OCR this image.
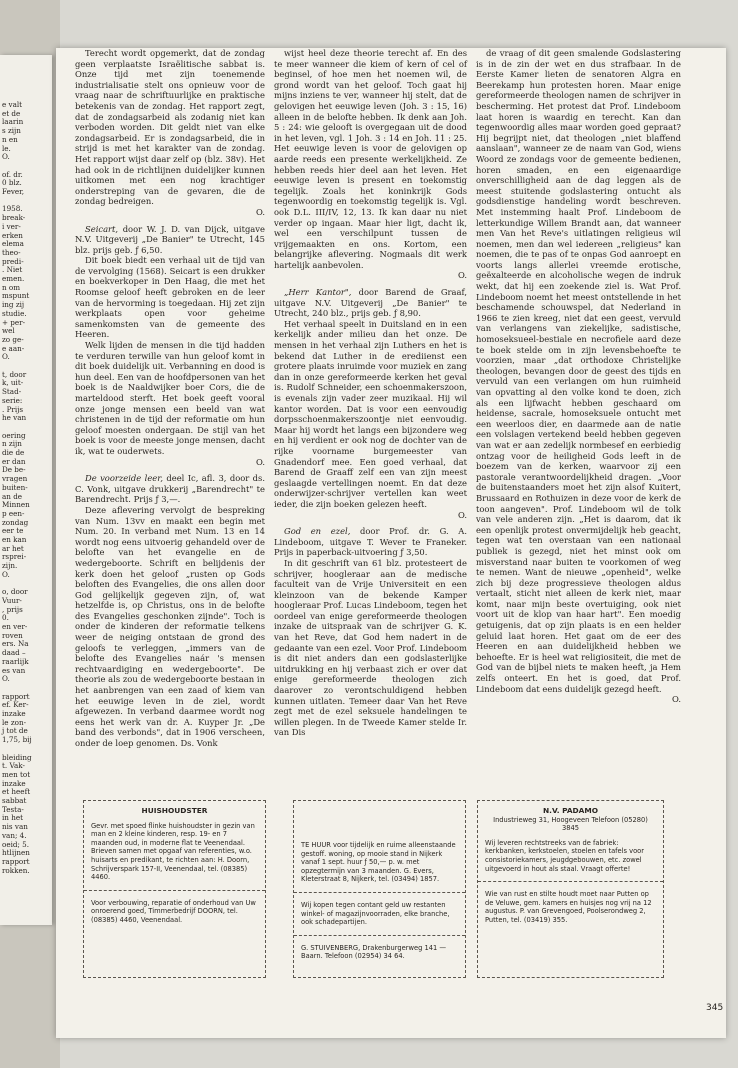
e valt
et de
laarin
s zijn
n en
le.
O.
of. dr.
0 blz.
Fever,
1958.
break-
i ver-
erken
elema
theo-
predi-
. Niet
emen.
n om
mspunt
ing zij
studie.
+ per-
wel
zo ge-
e aan-
O.
t, door
k, uit-
Stad-
serie:
. Prijs
he van
oering
n zijn
die de
er dan
De be-
vragen
buiten-
an de
Minnen
p een-
zondag
eer te
en kan
ar het
rsprei-
zijn.
O.
o, door
Vuur-
, prijs
0.
en ver-
roven
ers. Na
daad –
raarlijk
es van
O.
rapport
ef. Ker-
inzake
le zon-
j tot de
1,75, bij
bleiding
t. Vak-
men tot
inzake
et heeft
sabbat
Testa-
in het
nis van
van; 4.
oeid; 5.
htlijnen
rapport
rokken.

Terecht wordt opgemerkt, dat de zondag geen verplaatste Israëlitische sabbat is. Onze tijd met zijn toenemende industrialisatie stelt ons opnieuw voor de vraag naar de schriftuurlijke en praktische betekenis van de zondag. Het rapport zegt, dat de zondagsarbeid als zodanig niet kan verboden worden. Dit geldt niet van elke zondagsarbeid. Er is zondagsarbeid, die in strijd is met het karakter van de zondag. Het rapport wijst daar zelf op (blz. 38v). Het had ook in de richtlijnen duidelijker kunnen uitkomen met een nog krachtiger onderstreping van de gevaren, die de zondag bedreigen.

O.

Seicart, door W. J. D. van Dijck, uitgave N.V. Uitgeverij „De Banier" te Utrecht, 145 blz. prijs geb. ƒ 6,50.

Dit boek biedt een verhaal uit de tijd van de vervolging (1568). Seicart is een drukker en boekverkoper in Den Haag, die met het Roomse geloof heeft gebroken en de leer van de hervorming is toegedaan. Hij zet zijn werkplaats open voor geheime samenkomsten van de gemeente des Heeren.

Welk lijden de mensen in die tijd hadden te verduren terwille van hun geloof komt in dit boek duidelijk uit. Verbanning en dood is hun deel. Een van de hoofdpersonen van het boek is de Naaldwijker boer Cors, die de marteldood sterft. Het boek geeft vooral onze jonge mensen een beeld van wat christenen in de tijd der reformatie om hun geloof moesten ondergaan. De stijl van het boek is voor de meeste jonge mensen, dacht ik, wat te ouderwets.

O.

De voorzeide leer, deel Ic, afl. 3, door ds. C. Vonk, uitgave drukkerij „Barendrecht" te Barendrecht. Prijs ƒ 3,—.

Deze aflevering vervolgt de bespreking van Num. 13vv en maakt een begin met Num. 20. In verband met Num. 13 en 14 wordt nog eens uitvoerig gehandeld over de belofte van het evangelie en de wedergeboorte. Schrift en belijdenis der kerk doen het geloof „rusten op Gods beloften des Evangelies, die ons allen door God gelijkelijk gegeven zijn, of, wat hetzelfde is, op Christus, ons in de belofte des Evangelies geschonken zijnde". Toch is onder de kinderen der reformatie telkens weer de neiging ontstaan de grond des geloofs te verleggen, „immers van de belofte des Evangelies naár 's mensen rechtvaardiging en wedergeboorte". De theorie als zou de wedergeboorte bestaan in het aanbrengen van een zaad of kiem van het eeuwige leven in de ziel, wordt afgewezen. In verband daarmee wordt nog eens het werk van dr. A. Kuyper Jr. „De band des verbonds", dat in 1906 verscheen, onder de loep genomen. Ds. Vonk

wijst heel deze theorie terecht af. En des te meer wanneer die kiem of kern of cel of beginsel, of hoe men het noemen wil, de grond wordt van het geloof. Toch gaat hij mijns inziens te ver, wanneer hij stelt, dat de gelovigen het eeuwige leven (Joh. 3 : 15, 16) alleen in de belofte hebben. Ik denk aan Joh. 5 : 24: wie gelooft is overgegaan uit de dood in het leven, vgl. 1 Joh. 3 : 14 en Joh. 11 : 25. Het eeuwige leven is voor de gelovigen op aarde reeds een presente werkelijkheid. Ze hebben reeds hier deel aan het leven. Het eeuwige leven is present en toekomstig tegelijk. Zoals het koninkrijk Gods tegenwoordig en toekomstig tegelijk is. Vgl. ook D.L. III/IV, 12, 13. Ik kan daar nu niet verder op ingaan. Maar hier ligt, dacht ik, wel een verschilpunt tussen de vrijgemaakten en ons. Kortom, een belangrijke aflevering. Nogmaals dit werk hartelijk aanbevolen.

O.

„Herr Kantor", door Barend de Graaf, uitgave N.V. Uitgeverij „De Banier" te Utrecht, 240 blz., prijs geb. ƒ 8,90.

Het verhaal speelt in Duitsland en in een kerkelijk ander milieu dan het onze. De mensen in het verhaal zijn Luthers en het is bekend dat Luther in de erediienst een grotere plaats inruimde voor muziek en zang dan in onze gereformeerde kerken het geval is. Rudolf Schneider, een schoenmakerszoon, is evenals zijn vader zeer muzikaal. Hij wil kantor worden. Dat is voor een eenvoudig dorpsschoenmakerszoontje niet eenvoudig. Maar hij wordt het langs een bijzondere weg en hij verdient er ook nog de dochter van de rijke voorname burgemeester van Gnadendorf mee. Een goed verhaal, dat Barend de Graaff zelf een van zijn meest geslaagde vertellingen noemt. En dat deze onderwijzer-schrijver vertellen kan weet ieder, die zijn boeken gelezen heeft.

O.

God en ezel, door Prof. dr. G. A. Lindeboom, uitgave T. Wever te Franeker. Prijs in paperback-uitvoering ƒ 3,50.

In dit geschrift van 61 blz. protesteert de schrijver, hoogleraar aan de medische faculteit van de Vrije Universiteit en een kleinzoon van de bekende Kamper hoogleraar Prof. Lucas Lindeboom, tegen het oordeel van enige gereformeerde theologen inzake de uitspraak van de schrijver G. K. van het Reve, dat God hem nadert in de gedaante van een ezel. Voor Prof. Lindeboom is dit niet anders dan een godslasterlijke uitdrukking en hij verbaast zich er over dat enige gereformeerde theologen zich daarover zo verontschuldigend hebben kunnen uitlaten. Temeer daar Van het Reve zegt met de ezel seksuele handelingen te willen plegen. In de Tweede Kamer stelde Ir. van Dis

de vraag of dit geen smalende Godslastering is in de zin der wet en dus strafbaar. In de Eerste Kamer lieten de senatoren Algra en Beerekamp hun protesten horen. Maar enige gereformeerde theologen namen de schrijver in bescherming. Het protest dat Prof. Lindeboom laat horen is waardig en terecht. Kan dan tegenwoordig alles maar worden goed gepraat? Hij begrijpt niet, dat theologen „niet blaffend aanslaan", wanneer ze de naam van God, wiens Woord ze zondags voor de gemeente bedienen, horen smaden, en een eigenaardige onverschilligheid aan de dag leggen als de meest stuitende godslastering ontucht als godsdienstige handeling wordt beschreven. Met instemming haalt Prof. Lindeboom de letterkundige Willem Brandt aan, dat wanneer men Van het Reve's uitlatingen religieus wil noemen, men dan wel iedereen „religieus" kan noemen, die te pas of te onpas God aanroept en voorts langs allerlei vreemde erotische, geëxalteerde en alcoholische wegen de indruk wekt, dat hij een zoekende ziel is. Wat Prof. Lindeboom noemt het meest ontstellende in het beschamende schouwspel, dat Nederland in 1966 te zien kreeg, niet dat een geest, vervuld van verlangens van ziekelijke, sadistische, homoseksueel-bestiale en necrofiele aard deze te boek stelde om in zijn levensbehoefte te voorzien, maar „dat orthodoxe Christelijke theologen, bevangen door de geest des tijds en vervuld van een verlangen om hun ruimheid van opvatting al den volke kond te doen, zich als een lijfwacht hebben geschaard om heidense, sacrale, homoseksuele ontucht met een weerloos dier, en daarmede aan de natie een volslagen vertekend beeld hebben gegeven van wat er aan zedelijk normbesef en eerbiedig ontzag voor de heiligheid Gods leeft in de boezem van de kerken, waarvoor zij een pastorale verantwoordelijkheid dragen. „Voor de buitenstaanders moet het zijn alsof Kuitert, Brussaard en Rothuizen in deze voor de kerk de toon aangeven". Prof. Lindeboom wil de tolk van vele anderen zijn. „Het is daarom, dat ik een openlijk protest onvermijdelijk heb geacht, tegen wat ten overstaan van een nationaal publiek is gezegd, niet het minst ook om misverstand naar buiten te voorkomen of weg te nemen. Want de nieuwe „openheid", welke zich bij deze progressieve theologen aldus vertaalt, sticht niet alleen de kerk niet, maar komt, naar mijn beste overtuiging, ook niet voort uit de klop van haar hart". Een moedig getuigenis, dat op zijn plaats is en een helder geluid laat horen. Het gaat om de eer des Heeren en aan duidelijkheid hebben we behoefte. Er is heel wat religiositeit, die met de God van de bijbel niets te maken heeft, ja Hem zelfs onteert. En het is goed, dat Prof. Lindeboom dat eens duidelijk gezegd heeft.

O.

HUISHOUDSTER

Gevr. met spoed flinke huishoudster in gezin van man en 2 kleine kinderen, resp. 19- en 7 maanden oud, in moderne flat te Veenendaal. Brieven samen met opgaaf van referenties, w.o. huisarts en predikant, te richten aan: H. Doorn, Schrijverspark 157-II, Veenendaal, tel. (08385) 4460.

Voor verbouwing, reparatie of onderhoud van Uw onroerend goed, Timmerbedrijf DOORN, tel. (08385) 4460, Veenendaal.

TE HUUR voor tijdelijk en ruime alleenstaande gestoff. woning, op mooie stand in Nijkerk vanaf 1 sept. huur ƒ 50,— p. w. met opzegtermijn van 3 maanden. G. Evers, Kleterstraat 8, Nijkerk, tel. (03494) 1857.

Wij kopen tegen contant geld uw restanten winkel- of magazijnvoorraden, elke branche, ook schadepartijen.

G. STUIVENBERG, Drakenburgerweg 141 — Baarn. Telefoon (02954) 34 64.

N.V. PADAMO

Industrieweg 31, Hoogeveen Telefoon (05280) 3845

Wij leveren rechtstreeks van de fabriek: kerkbanken, kerkstoelen, stoelen en tafels voor consistoriekamers, jeugdgebouwen, etc. zowel uitgevoerd in hout als staal. Vraagt offerte!

Wie van rust en stilte houdt moet naar Putten op de Veluwe, gem. kamers en huisjes nog vrij na 12 augustus. P. van Grevengoed, Poolserondweg 2, Putten, tel. (03419) 355.

345
